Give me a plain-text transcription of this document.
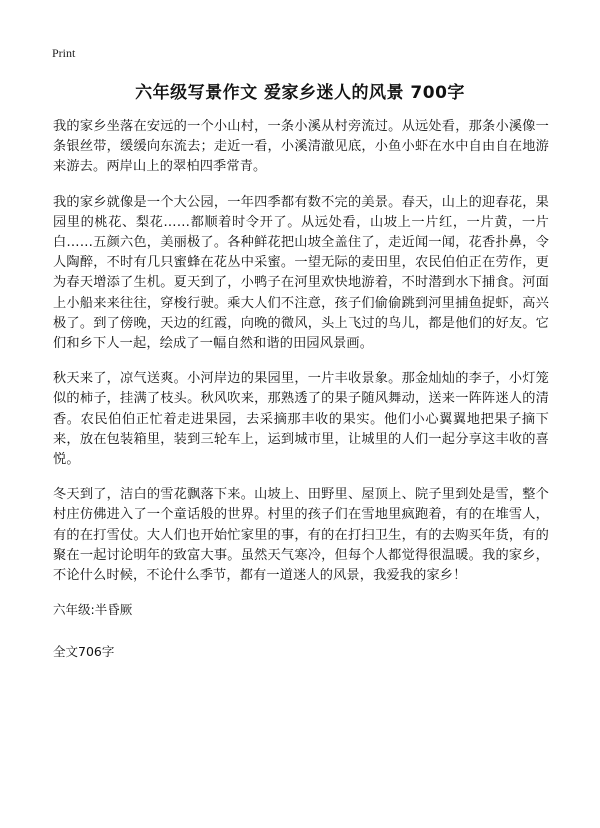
Print
六年级写景作文 爱家乡迷人的风景 700字

我的家乡坐落在安远的一个小山村，一条小溪从村旁流过。从远处看，那条小溪像一条银丝带，缓缓向东流去；走近一看，小溪清澈见底，小鱼小虾在水中自由自在地游来游去。两岸山上的翠柏四季常青。

我的家乡就像是一个大公园，一年四季都有数不完的美景。春天，山上的迎春花，果园里的桃花、梨花……都顺着时令开了。从远处看，山坡上一片红，一片黄，一片白……五颜六色，美丽极了。各种鲜花把山坡全盖住了，走近闻一闻，花香扑鼻，令人陶醉，不时有几只蜜蜂在花丛中采蜜。一望无际的麦田里，农民伯伯正在劳作，更为春天增添了生机。夏天到了，小鸭子在河里欢快地游着，不时潜到水下捕食。河面上小船来来往往，穿梭行驶。乘大人们不注意，孩子们偷偷跳到河里捕鱼捉虾，高兴极了。到了傍晚，天边的红霞，向晚的微风，头上飞过的鸟儿，都是他们的好友。它们和乡下人一起，绘成了一幅自然和谐的田园风景画。

秋天来了，凉气送爽。小河岸边的果园里，一片丰收景象。那金灿灿的李子，小灯笼似的柿子，挂满了枝头。秋风吹来，那熟透了的果子随风舞动，送来一阵阵迷人的清香。农民伯伯正忙着走进果园，去采摘那丰收的果实。他们小心翼翼地把果子摘下来，放在包装箱里，装到三轮车上，运到城市里，让城里的人们一起分享这丰收的喜悦。

冬天到了，洁白的雪花飘落下来。山坡上、田野里、屋顶上、院子里到处是雪，整个村庄仿佛进入了一个童话般的世界。村里的孩子们在雪地里疯跑着，有的在堆雪人，有的在打雪仗。大人们也开始忙家里的事，有的在打扫卫生，有的去购买年货，有的聚在一起讨论明年的致富大事。虽然天气寒冷，但每个人都觉得很温暖。我的家乡，不论什么时候，不论什么季节，都有一道迷人的风景，我爱我的家乡！

六年级:半昏厥
全文706字
